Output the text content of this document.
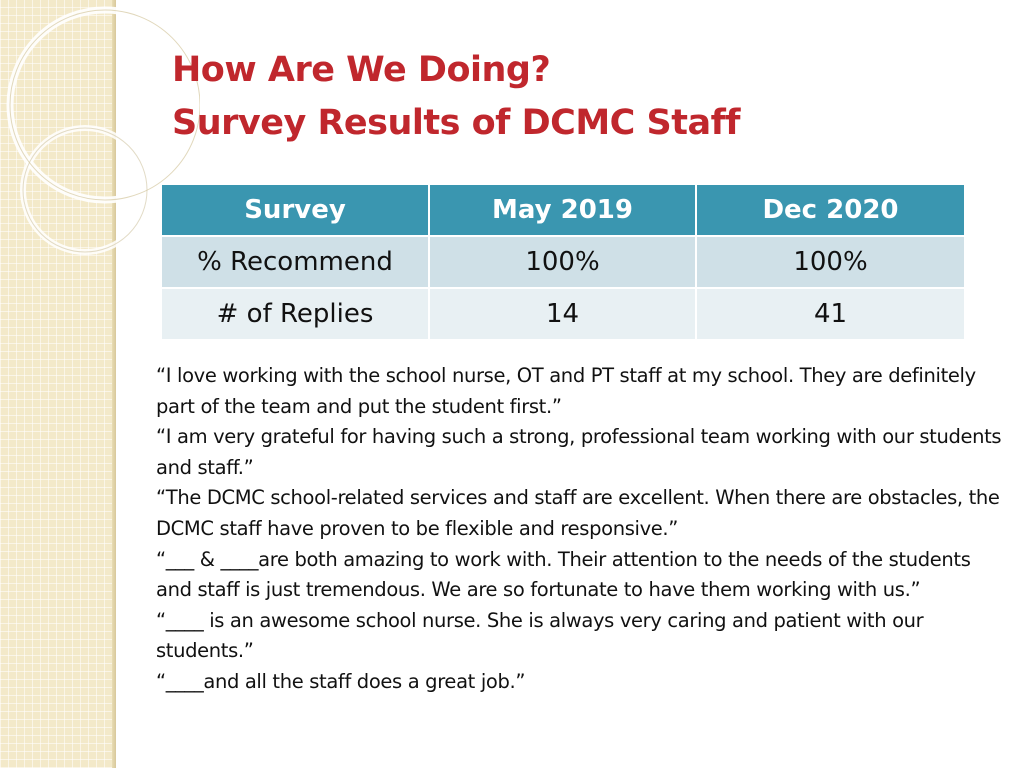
How Are We Doing?
Survey Results of DCMC Staff
Survey	May 2019	Dec 2020
% Recommend	100%	100%
# of Replies	14	41

“I love working with the school nurse, OT and PT staff at my school. They are definitely part of the team and put the student first.”

“I am very grateful for having such a strong, professional team working with our students and staff.”

“The DCMC school-related services and staff are excellent. When there are obstacles, the DCMC staff have proven to be flexible and responsive.”

“___ & ____are both amazing to work with. Their attention to the needs of the students and staff is just tremendous. We are so fortunate to have them working with us.”

“____ is an awesome school nurse. She is always very caring and patient with our students.”

“____and all the staff does a great job.”
